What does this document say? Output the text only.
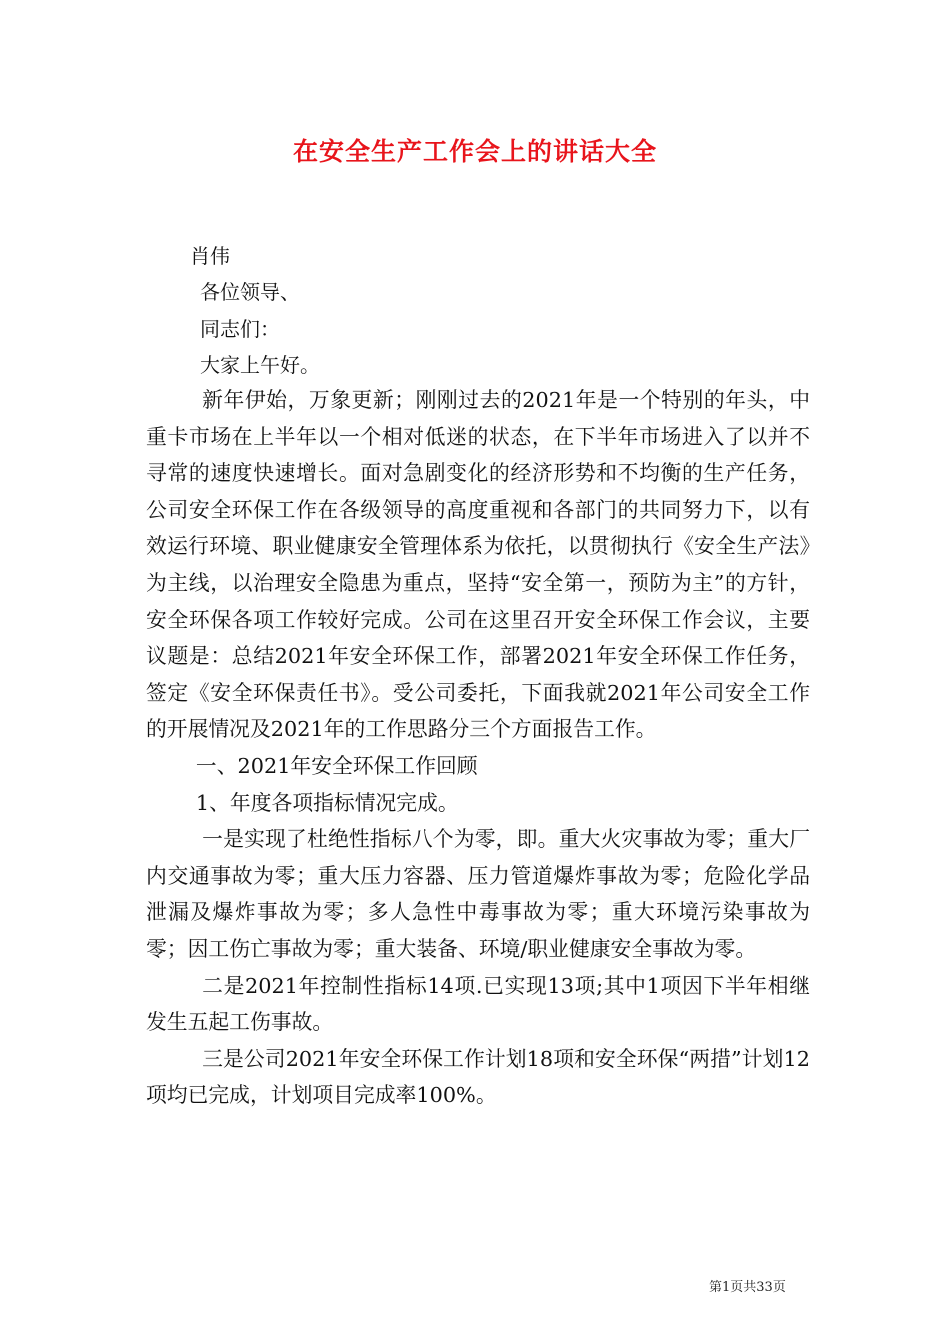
在安全生产工作会上的讲话大全
肖伟
各位领导、
同志们：
大家上午好。

新年伊始，万象更新；刚刚过去的2021年是一个特别的年头，中重卡市场在上半年以一个相对低迷的状态，在下半年市场进入了以并不寻常的速度快速增长。面对急剧变化的经济形势和不均衡的生产任务，公司安全环保工作在各级领导的高度重视和各部门的共同努力下，以有效运行环境、职业健康安全管理体系为依托，以贯彻执行《安全生产法》为主线，以治理安全隐患为重点，坚持“安全第一，预防为主”的方针，安全环保各项工作较好完成。公司在这里召开安全环保工作会议，主要议题是：总结2021年安全环保工作，部署2021年安全环保工作任务，签定《安全环保责任书》。受公司委托，下面我就2021年公司安全工作的开展情况及2021年的工作思路分三个方面报告工作。

一、2021年安全环保工作回顾

1、年度各项指标情况完成。

一是实现了杜绝性指标八个为零，即。重大火灾事故为零；重大厂内交通事故为零；重大压力容器、压力管道爆炸事故为零；危险化学品泄漏及爆炸事故为零；多人急性中毒事故为零；重大环境污染事故为零；因工伤亡事故为零；重大装备、环境/职业健康安全事故为零。

二是2021年控制性指标14项.已实现13项;其中1项因下半年相继发生五起工伤事故。

三是公司2021年安全环保工作计划18项和安全环保“两措”计划12项均已完成，计划项目完成率100%。

第1页共33页
